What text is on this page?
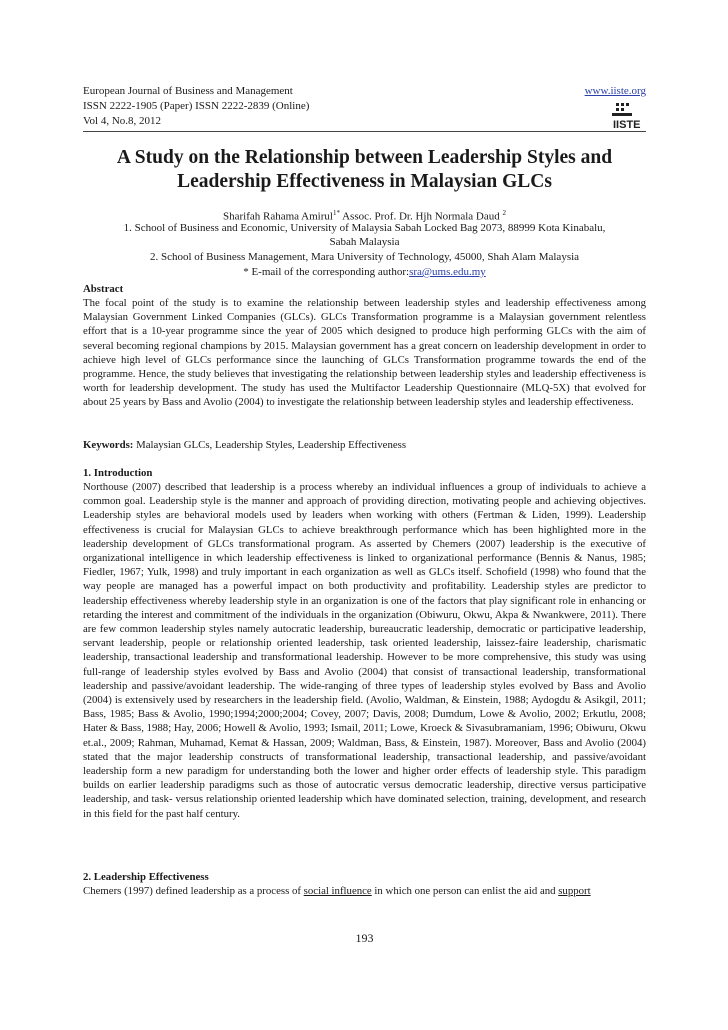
European Journal of Business and Management	www.iiste.org
ISSN 2222-1905 (Paper) ISSN 2222-2839 (Online)
Vol 4, No.8, 2012	IISTE
A Study on the Relationship between Leadership Styles and
Leadership Effectiveness in Malaysian GLCs
Sharifah Rahama Amirul$^{1*}$ Assoc. Prof. Dr. Hjh Normala Daud $^2$
1. School of Business and Economic, University of Malaysia Sabah Locked Bag 2073, 88999 Kota Kinabalu,
Sabah Malaysia
2. School of Business Management, Mara University of Technology, 45000, Shah Alam Malaysia
* E-mail of the corresponding author:sra@ums.edu.my
Abstract
The focal point of the study is to examine the relationship between leadership styles and leadership effectiveness among Malaysian Government Linked Companies (GLCs). GLCs Transformation programme is a Malaysian government relentless effort that is a 10-year programme since the year of 2005 which designed to produce high performing GLCs with the aim of several becoming regional champions by 2015. Malaysian government has a great concern on leadership development in order to achieve high level of GLCs performance since the launching of GLCs Transformation programme towards the end of the programme. Hence, the study believes that investigating the relationship between leadership styles and leadership effectiveness is worth for leadership development. The study has used the Multifactor Leadership Questionnaire (MLQ-5X) that evolved for about 25 years by Bass and Avolio (2004) to investigate the relationship between leadership styles and leadership effectiveness.
Keywords: Malaysian GLCs, Leadership Styles, Leadership Effectiveness
1. Introduction
Northouse (2007) described that leadership is a process whereby an individual influences a group of individuals to achieve a common goal. Leadership style is the manner and approach of providing direction, motivating people and achieving objectives. Leadership styles are behavioral models used by leaders when working with others (Fertman & Liden, 1999). Leadership effectiveness is crucial for Malaysian GLCs to achieve breakthrough performance which has been highlighted more in the leadership development of GLCs transformational program. As asserted by Chemers (2007) leadership is the executive of organizational intelligence in which leadership effectiveness is linked to organizational performance (Bennis & Nanus, 1985; Fiedler, 1967; Yulk, 1998) and truly important in each organization as well as GLCs itself. Schofield (1998) who found that the way people are managed has a powerful impact on both productivity and profitability. Leadership styles are predictor to leadership effectiveness whereby leadership style in an organization is one of the factors that play significant role in enhancing or retarding the interest and commitment of the individuals in the organization (Obiwuru, Okwu, Akpa & Nwankwere, 2011). There are few common leadership styles namely autocratic leadership, bureaucratic leadership, democratic or participative leadership, servant leadership, people or relationship oriented leadership, task oriented leadership, laissez-faire leadership, charismatic leadership, transactional leadership and transformational leadership. However to be more comprehensive, this study was using full-range of leadership styles evolved by Bass and Avolio (2004) that consist of transactional leadership, transformational leadership and passive/avoidant leadership. The wide-ranging of three types of leadership styles evolved by Bass and Avolio (2004) is extensively used by researchers in the leadership field. (Avolio, Waldman, & Einstein, 1988; Aydogdu & Asikgil, 2011; Bass, 1985; Bass & Avolio, 1990;1994;2000;2004; Covey, 2007; Davis, 2008; Dumdum, Lowe & Avolio, 2002; Erkutlu, 2008; Hater & Bass, 1988; Hay, 2006; Howell & Avolio, 1993; Ismail, 2011; Lowe, Kroeck & Sivasubramaniam, 1996; Obiwuru, Okwu et.al., 2009; Rahman, Muhamad, Kemat & Hassan, 2009; Waldman, Bass, & Einstein, 1987). Moreover, Bass and Avolio (2004) stated that the major leadership constructs of transformational leadership, transactional leadership, and passive/avoidant leadership form a new paradigm for understanding both the lower and higher order effects of leadership style. This paradigm builds on earlier leadership paradigms such as those of autocratic versus democratic leadership, directive versus participative leadership, and task- versus relationship oriented leadership which have dominated selection, training, development, and research in this field for the past half century.
2. Leadership Effectiveness
Chemers (1997) defined leadership as a process of social influence in which one person can enlist the aid and support
193
